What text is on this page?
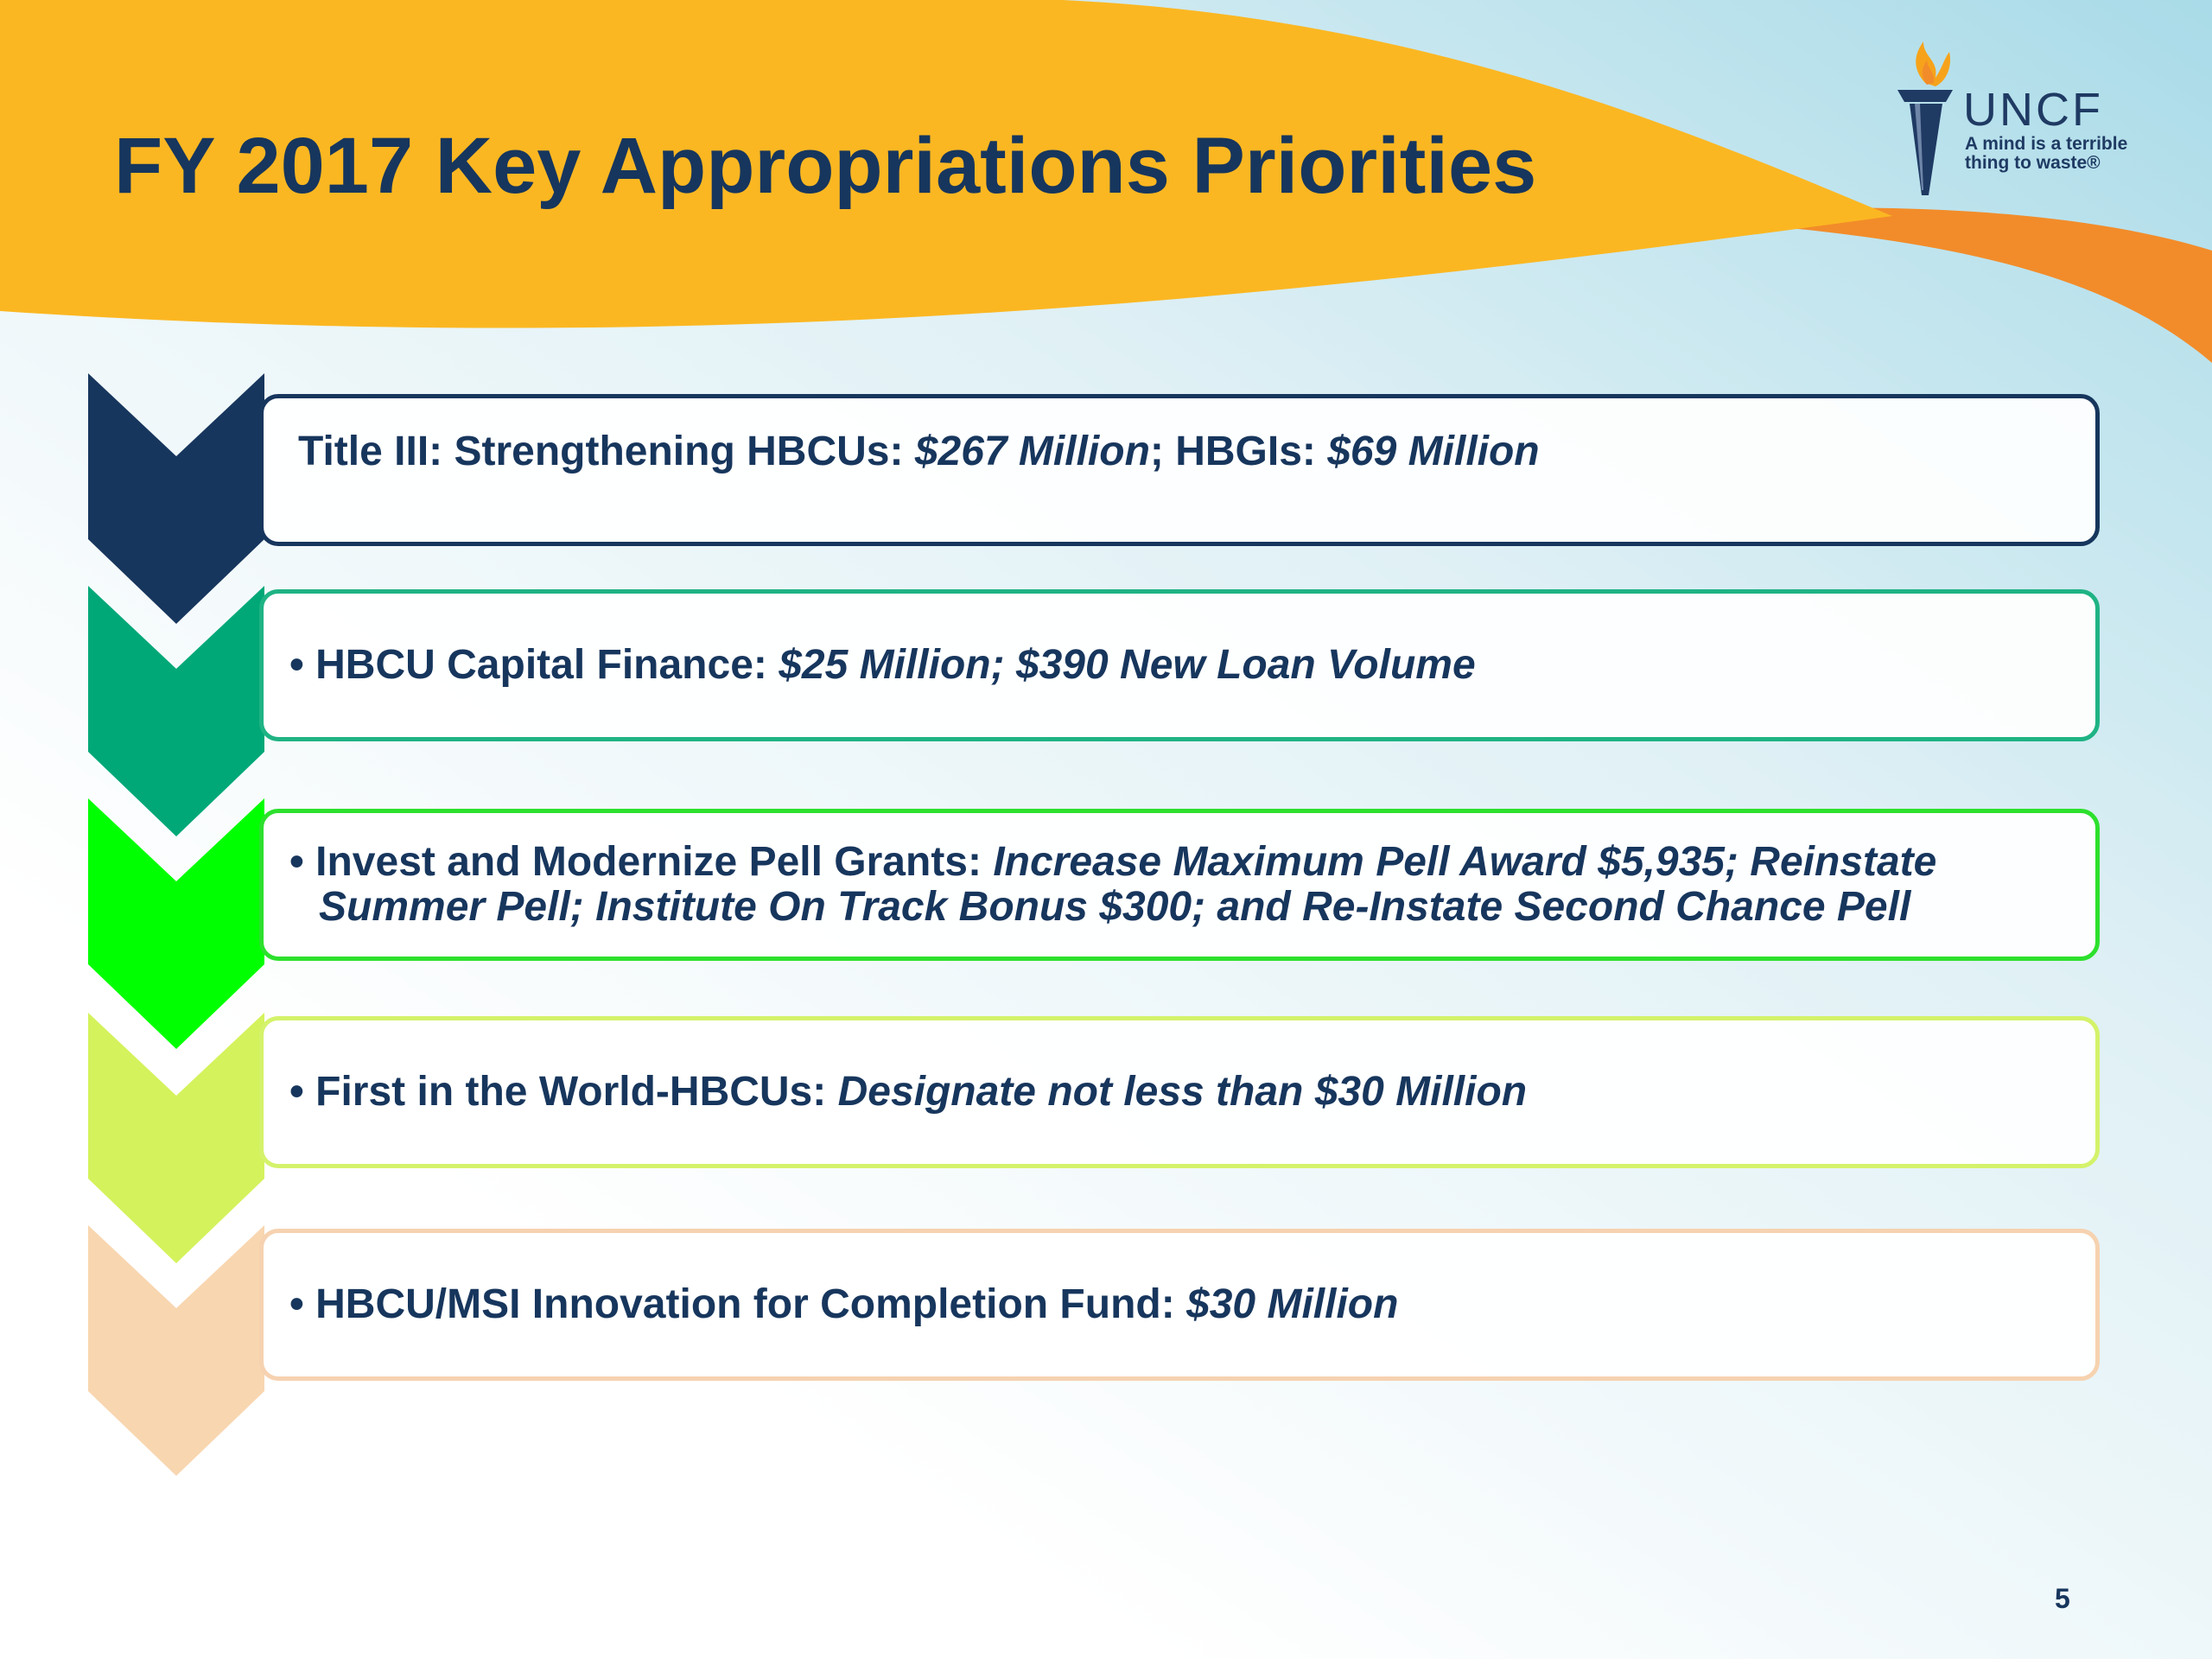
FY 2017 Key Appropriations Priorities
UNCF
A mind is a terrible
thing to waste®
Title III: Strengthening HBCUs: $267 Million; HBGIs: $69 Million
• HBCU Capital Finance: $25 Million; $390 New Loan Volume
• Invest and Modernize Pell Grants: Increase Maximum Pell Award $5,935; Reinstate
Summer Pell; Institute On Track Bonus $300; and Re-Instate Second Chance Pell
• First in the World-HBCUs: Designate not less than $30 Million
• HBCU/MSI Innovation for Completion Fund: $30 Million
5
